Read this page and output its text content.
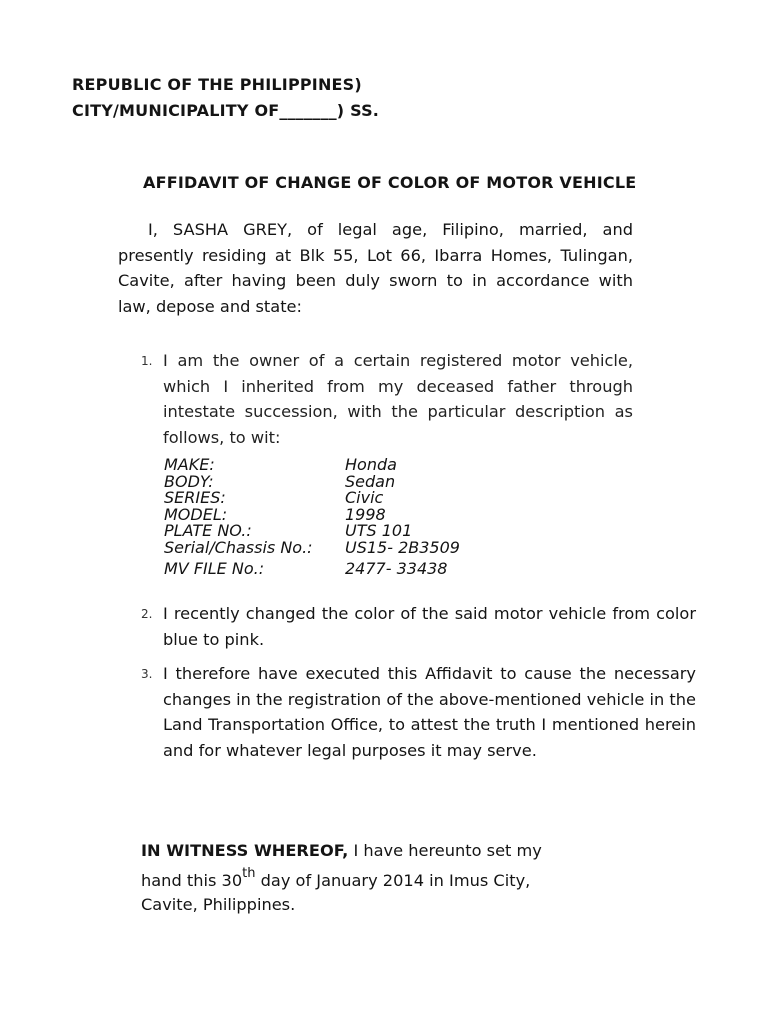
REPUBLIC OF THE PHILIPPINES)
CITY/MUNICIPALITY OF_______) SS.
AFFIDAVIT OF CHANGE OF COLOR OF MOTOR VEHICLE
I, SASHA GREY, of legal age, Filipino, married, and presently residing at Blk 55, Lot 66, Ibarra Homes, Tulingan, Cavite, after having been duly sworn to in accordance with law, depose and state:
1. I am the owner of a certain registered motor vehicle, which I inherited from my deceased father through intestate succession, with the particular description as follows, to wit:
MAKE:	Honda
BODY:	Sedan
SERIES:	Civic
MODEL:	1998
PLATE NO.:	UTS 101
Serial/Chassis No.:	US15- 2B3509
MV FILE No.:	2477- 33438
2. I recently changed the color of the said motor vehicle from color blue to pink.
3. I therefore have executed this Affidavit to cause the necessary changes in the registration of the above-mentioned vehicle in the Land Transportation Office, to attest the truth I mentioned herein and for whatever legal purposes it may serve.
IN WITNESS WHEREOF, I have hereunto set my
hand this 30th day of January 2014 in Imus City,
Cavite, Philippines.
